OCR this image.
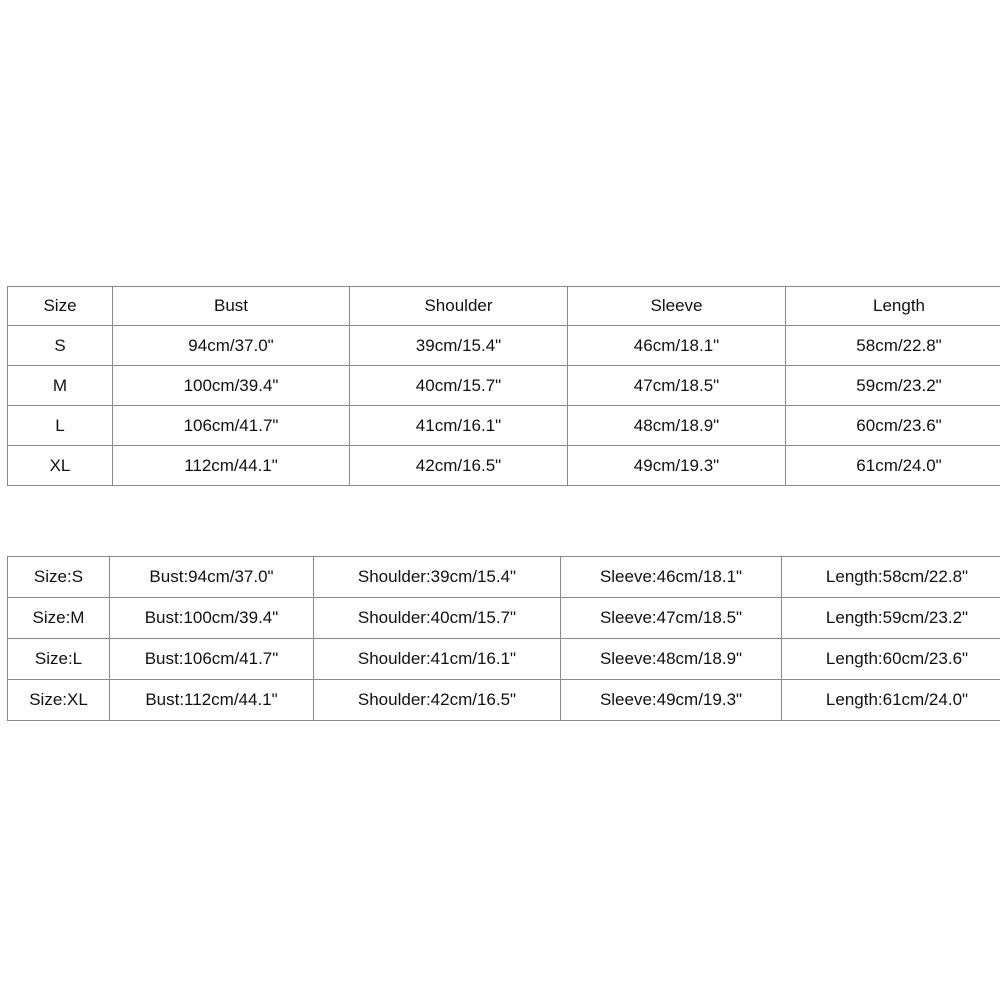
Size	Bust	Shoulder	Sleeve	Length
S	94cm/37.0"	39cm/15.4"	46cm/18.1"	58cm/22.8"
M	100cm/39.4"	40cm/15.7"	47cm/18.5"	59cm/23.2"
L	106cm/41.7"	41cm/16.1"	48cm/18.9"	60cm/23.6"
XL	112cm/44.1"	42cm/16.5"	49cm/19.3"	61cm/24.0"
Size:S	Bust:94cm/37.0"	Shoulder:39cm/15.4"	Sleeve:46cm/18.1"	Length:58cm/22.8"
Size:M	Bust:100cm/39.4"	Shoulder:40cm/15.7"	Sleeve:47cm/18.5"	Length:59cm/23.2"
Size:L	Bust:106cm/41.7"	Shoulder:41cm/16.1"	Sleeve:48cm/18.9"	Length:60cm/23.6"
Size:XL	Bust:112cm/44.1"	Shoulder:42cm/16.5"	Sleeve:49cm/19.3"	Length:61cm/24.0"
